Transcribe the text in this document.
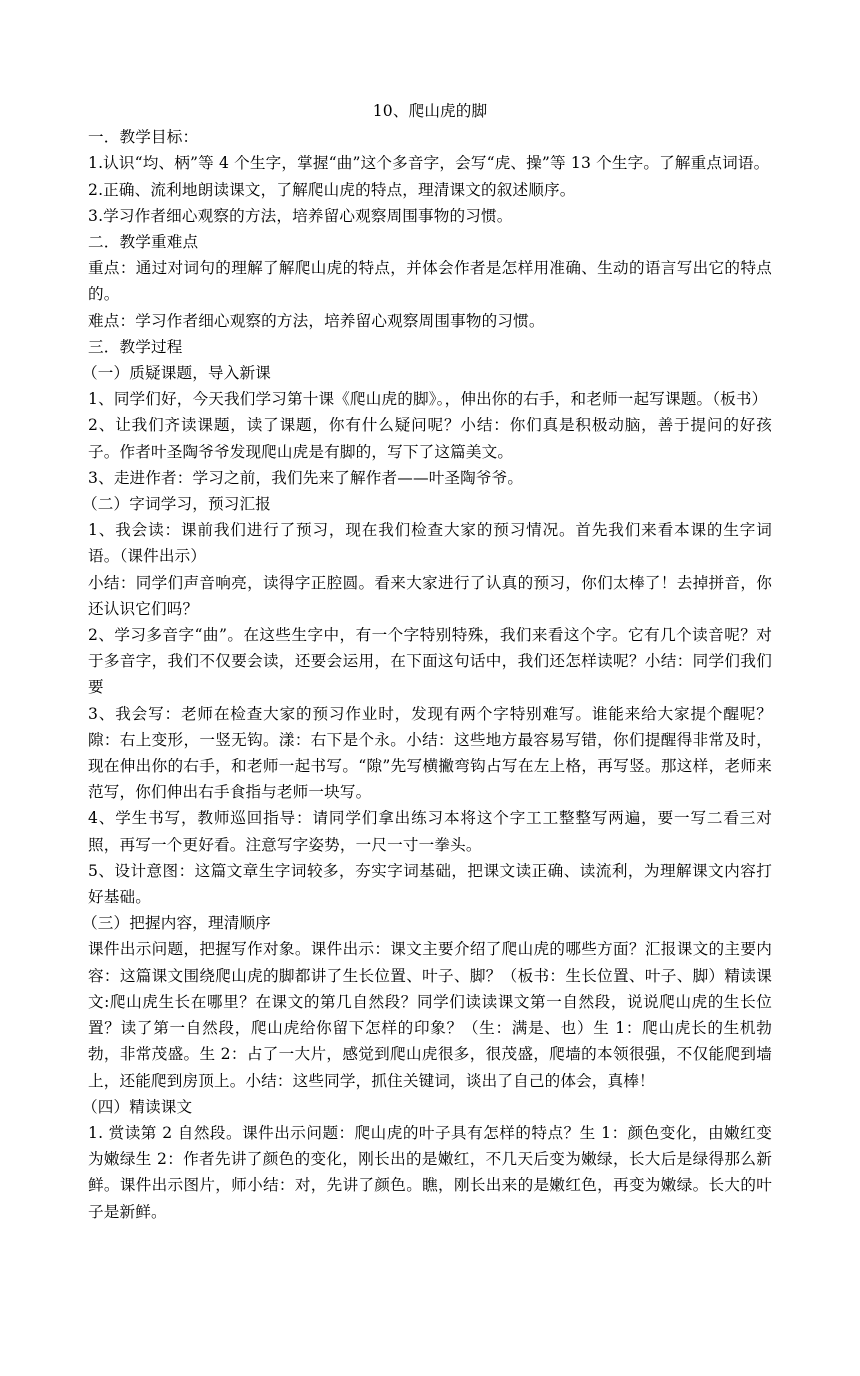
10、爬山虎的脚

一．教学目标：

1.认识“均、柄”等 4 个生字，掌握“曲”这个多音字，会写“虎、操”等 13 个生字。了解重点词语。

2.正确、流利地朗读课文，了解爬山虎的特点，理清课文的叙述顺序。

3.学习作者细心观察的方法，培养留心观察周围事物的习惯。

二．教学重难点

重点：通过对词句的理解了解爬山虎的特点，并体会作者是怎样用准确、生动的语言写出它的特点的。

难点：学习作者细心观察的方法，培养留心观察周围事物的习惯。

三．教学过程

（一）质疑课题，导入新课

1、同学们好，今天我们学习第十课《爬山虎的脚》。，伸出你的右手，和老师一起写课题。（板书）

2、让我们齐读课题，读了课题，你有什么疑问呢？小结：你们真是积极动脑，善于提问的好孩子。作者叶圣陶爷爷发现爬山虎是有脚的，写下了这篇美文。

3、走进作者：学习之前，我们先来了解作者——叶圣陶爷爷。

（二）字词学习，预习汇报

1、我会读：课前我们进行了预习，现在我们检查大家的预习情况。首先我们来看本课的生字词语。（课件出示）

小结：同学们声音响亮，读得字正腔圆。看来大家进行了认真的预习，你们太棒了！去掉拼音，你还认识它们吗？

2、学习多音字“曲”。在这些生字中，有一个字特别特殊，我们来看这个字。它有几个读音呢？对于多音字，我们不仅要会读，还要会运用，在下面这句话中，我们还怎样读呢？小结：同学们我们要

3、我会写：老师在检查大家的预习作业时，发现有两个字特别难写。谁能来给大家提个醒呢？隙：右上变形，一竖无钩。漾：右下是个永。小结：这些地方最容易写错，你们提醒得非常及时，现在伸出你的右手，和老师一起书写。“隙”先写横撇弯钩占写在左上格，再写竖。那这样，老师来范写，你们伸出右手食指与老师一块写。

4、学生书写，教师巡回指导：请同学们拿出练习本将这个字工工整整写两遍，要一写二看三对照，再写一个更好看。注意写字姿势，一尺一寸一拳头。

5、设计意图：这篇文章生字词较多，夯实字词基础，把课文读正确、读流利，为理解课文内容打好基础。

（三）把握内容，理清顺序

课件出示问题，把握写作对象。课件出示：课文主要介绍了爬山虎的哪些方面？汇报课文的主要内容：这篇课文围绕爬山虎的脚都讲了生长位置、叶子、脚？（板书：生长位置、叶子、脚）精读课文:爬山虎生长在哪里？在课文的第几自然段？同学们读读课文第一自然段，说说爬山虎的生长位置？读了第一自然段，爬山虎给你留下怎样的印象？（生：满是、也）生 1：爬山虎长的生机勃勃，非常茂盛。生 2：占了一大片，感觉到爬山虎很多，很茂盛，爬墙的本领很强，不仅能爬到墙上，还能爬到房顶上。小结：这些同学，抓住关键词，谈出了自己的体会，真棒！

（四）精读课文

1. 赏读第 2 自然段。课件出示问题：爬山虎的叶子具有怎样的特点？生 1：颜色变化，由嫩红变为嫩绿生 2：作者先讲了颜色的变化，刚长出的是嫩红，不几天后变为嫩绿，长大后是绿得那么新鲜。课件出示图片，师小结：对，先讲了颜色。瞧，刚长出来的是嫩红色，再变为嫩绿。长大的叶子是新鲜。
